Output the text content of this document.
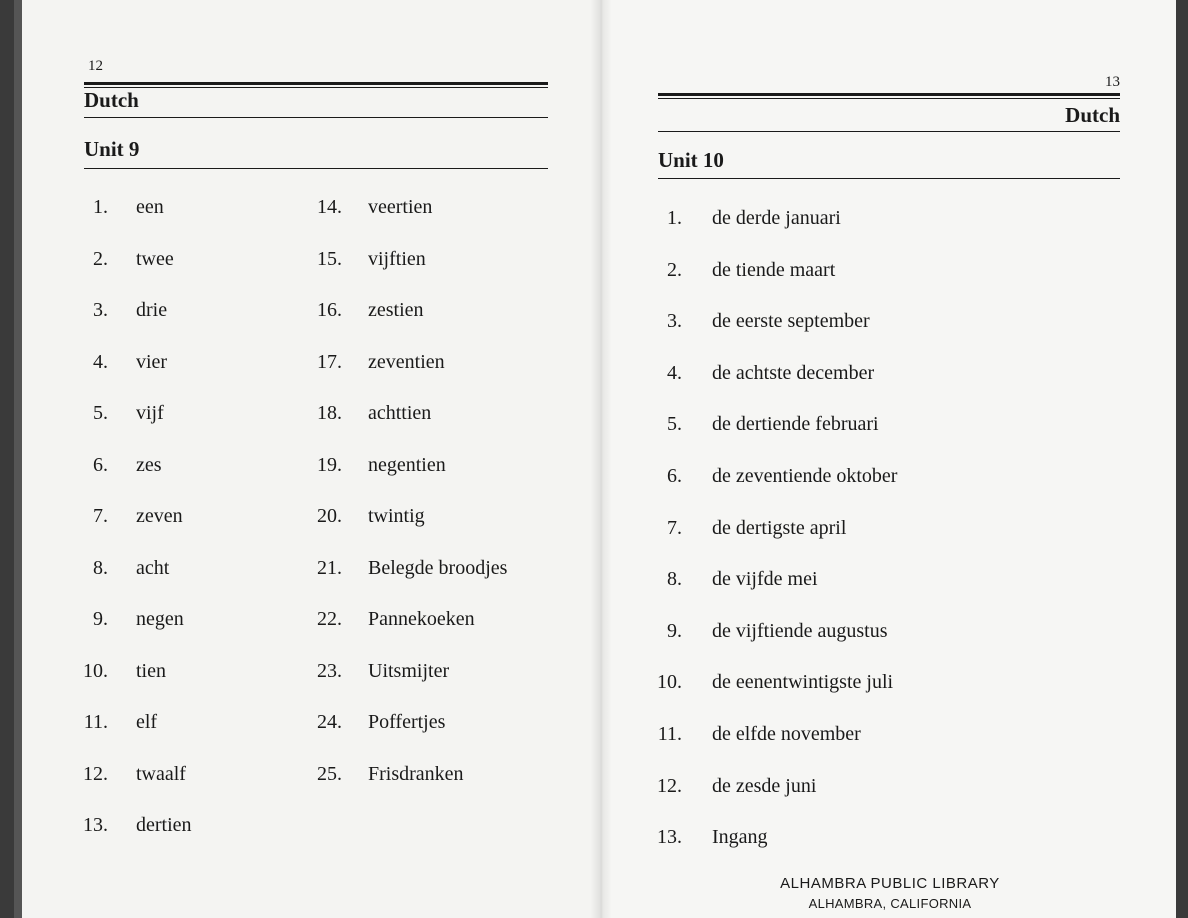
12
Dutch
Unit 9
1. een
2. twee
3. drie
4. vier
5. vijf
6. zes
7. zeven
8. acht
9. negen
10. tien
11. elf
12. twaalf
13. dertien
14. veertien
15. vijftien
16. zestien
17. zeventien
18. achttien
19. negentien
20. twintig
21. Belegde broodjes
22. Pannekoeken
23. Uitsmijter
24. Poffertjes
25. Frisdranken
13
Dutch
Unit 10
1. de derde januari
2. de tiende maart
3. de eerste september
4. de achtste december
5. de dertiende februari
6. de zeventiende oktober
7. de dertigste april
8. de vijfde mei
9. de vijftiende augustus
10. de eenentwintigste juli
11. de elfde november
12. de zesde juni
13. Ingang
ALHAMBRA PUBLIC LIBRARY
ALHAMBRA, CALIFORNIA
